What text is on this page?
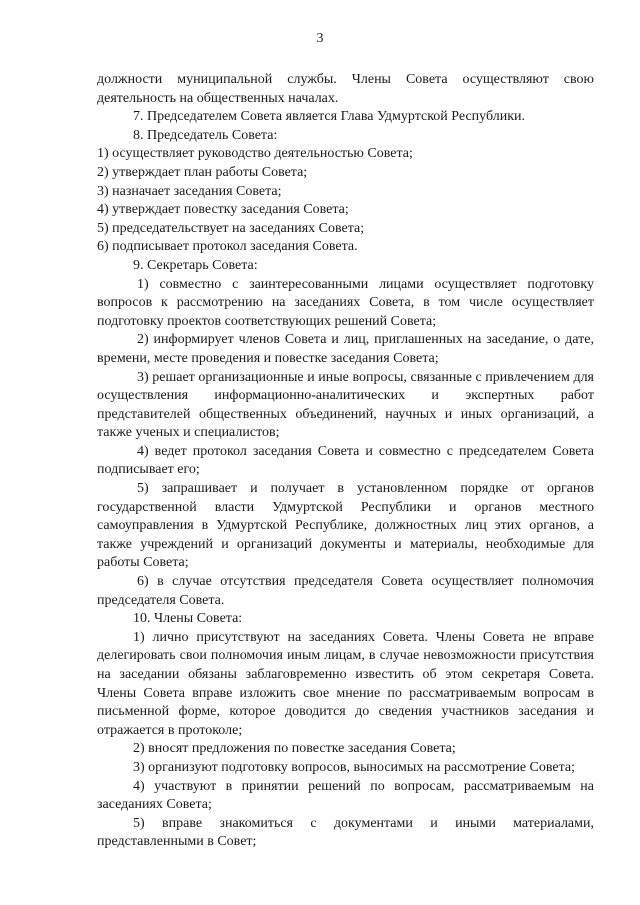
3

должности муниципальной службы. Члены Совета осуществляют свою деятельность на общественных началах.

7. Председателем Совета является Глава Удмуртской Республики.

8. Председатель Совета:

1) осуществляет руководство деятельностью Совета;

2) утверждает план работы Совета;

3) назначает заседания Совета;

4) утверждает повестку заседания Совета;

5) председательствует на заседаниях Совета;

6) подписывает протокол заседания Совета.

9. Секретарь Совета:

1) совместно с заинтересованными лицами осуществляет подготовку вопросов к рассмотрению на заседаниях Совета, в том числе осуществляет подготовку проектов соответствующих решений Совета;

2) информирует членов Совета и лиц, приглашенных на заседание, о дате, времени, месте проведения и повестке заседания Совета;

3) решает организационные и иные вопросы, связанные с привлечением для осуществления информационно-аналитических и экспертных работ представителей общественных объединений, научных и иных организаций, а также ученых и специалистов;

4) ведет протокол заседания Совета и совместно с председателем Совета подписывает его;

5) запрашивает и получает в установленном порядке от органов государственной власти Удмуртской Республики и органов местного самоуправления в Удмуртской Республике, должностных лиц этих органов, а также учреждений и организаций документы и материалы, необходимые для работы Совета;

6) в случае отсутствия председателя Совета осуществляет полномочия председателя Совета.

10. Члены Совета:

1) лично присутствуют на заседаниях Совета. Члены Совета не вправе делегировать свои полномочия иным лицам, в случае невозможности присутствия на заседании обязаны заблаговременно известить об этом секретаря Совета. Члены Совета вправе изложить свое мнение по рассматриваемым вопросам в письменной форме, которое доводится до сведения участников заседания и отражается в протоколе;

2) вносят предложения по повестке заседания Совета;

3) организуют подготовку вопросов, выносимых на рассмотрение Совета;

4) участвуют в принятии решений по вопросам, рассматриваемым на заседаниях Совета;

5) вправе знакомиться с документами и иными материалами, представленными в Совет;
